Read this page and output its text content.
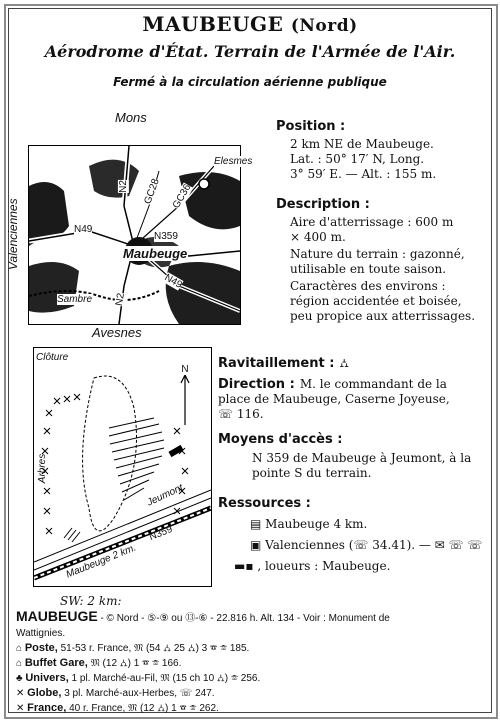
MAUBEUGE (Nord)
Aérodrome d'État. Terrain de l'Armée de l'Air.
Fermé à la circulation aérienne publique
Mons
Avesnes
Valenciennes	Maubeuge
Elesmes
Sambre
N49
N359
N2
N2
GC28 GC36
N49
Position :
2 km NE de Maubeuge.
Lat. : 50° 17′ N, Long.
3° 59′ E. — Alt. : 155 m.
Description :
Aire d'atterrissage : 600 m
× 400 m.
Nature du terrain : gazonné,
utilisable en toute saison.
Caractères des environs :
région accidentée et boisée,
peu propice aux atterrissages.
Clôture
Arbres
Jeumont
Maubeuge 2 km.
N359
N
SW: 2 km:
Ravitaillement : ⛼
Direction : M. le commandant de la
place de Maubeuge, Caserne Joyeuse,
☏ 116.
Moyens d'accès :
N 359 de Maubeuge à Jeumont, à la
pointe S du terrain.
Ressources :
▤ Maubeuge 4 km.
▣ Valenciennes (☏ 34.41). — ✉ ☏ ☏
▬▪ , loueurs : Maubeuge.
MAUBEUGE - © Nord - ⑤-⑨ ou ⑬-⑥ - 22.816 h. Alt. 134 - Voir : Monument de
Wattignies.
⌂ Poste, 51-53 r. France, 𝔐 (54 ⛼ 25 ⛼) 3 ☎ ☏ 185.
⌂ Buffet Gare, 𝔐 (12 ⛼) 1 ☎ ☏ 166.
♣ Univers, 1 pl. Marché-au-Fil, 𝔐 (15 ch 10 ⛼) ☏ 256.
✕ Globe, 3 pl. Marché-aux-Herbes, ☏ 247.
✕ France, 40 r. France, 𝔐 (12 ⛼) 1 ☎ ☏ 262.
